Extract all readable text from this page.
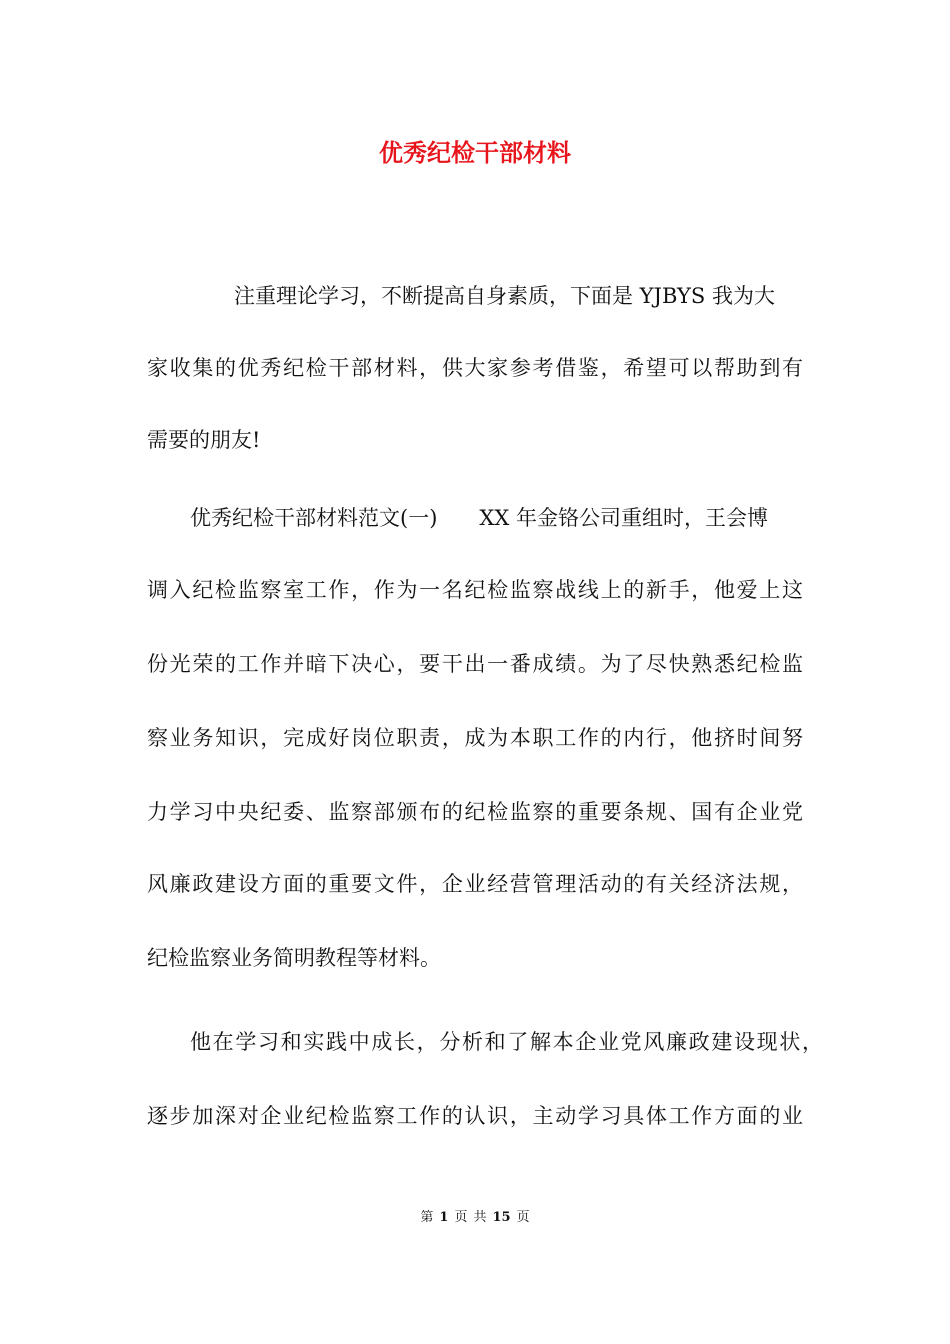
优秀纪检干部材料
注重理论学习，不断提高自身素质，下面是 YJBYS 我为大
家收集的优秀纪检干部材料，供大家参考借鉴，希望可以帮助到有
需要的朋友!
优秀纪检干部材料范文(一)　　XX 年金铬公司重组时，王会博
调入纪检监察室工作，作为一名纪检监察战线上的新手，他爱上这
份光荣的工作并暗下决心，要干出一番成绩。为了尽快熟悉纪检监
察业务知识，完成好岗位职责，成为本职工作的内行，他挤时间努
力学习中央纪委、监察部颁布的纪检监察的重要条规、国有企业党
风廉政建设方面的重要文件，企业经营管理活动的有关经济法规，
纪检监察业务简明教程等材料。
他在学习和实践中成长，分析和了解本企业党风廉政建设现状，
逐步加深对企业纪检监察工作的认识，主动学习具体工作方面的业
第 1 页 共 15 页
